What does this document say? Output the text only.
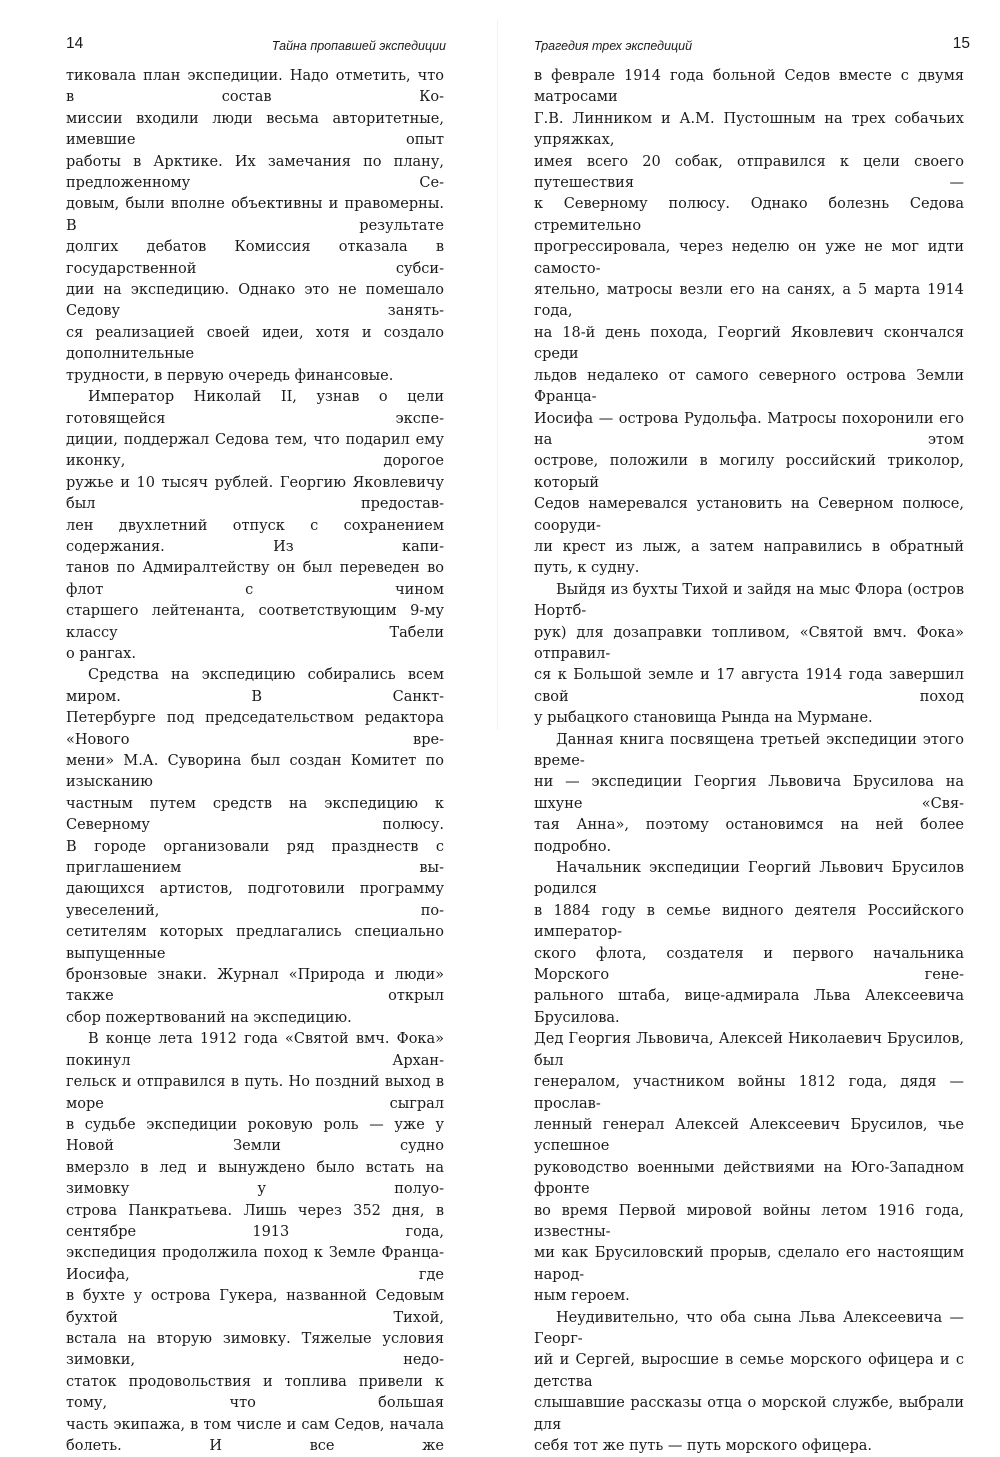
14	Тайна пропавшей экспедиции

тиковала план экспедиции. Надо отметить, что в состав Ко-

миссии входили люди весьма авторитетные, имевшие опыт

работы в Арктике. Их замечания по плану, предложенному Се-

довым, были вполне объективны и правомерны. В результате

долгих дебатов Комиссия отказала в государственной субси-

дии на экспедицию. Однако это не помешало Седову занять-

ся реализацией своей идеи, хотя и создало дополнительные

трудности, в первую очередь финансовые.

Император Николай II, узнав о цели готовящейся экспе-

диции, поддержал Седова тем, что подарил ему иконку, дорогое

ружье и 10 тысяч рублей. Георгию Яковлевичу был предостав-

лен двухлетний отпуск с сохранением содержания. Из капи-

танов по Адмиралтейству он был переведен во флот с чином

старшего лейтенанта, соответствующим 9-му классу Табели

о рангах.

Средства на экспедицию собирались всем миром. В Санкт-

Петербурге под председательством редактора «Нового вре-

мени» М.А. Суворина был создан Комитет по изысканию

частным путем средств на экспедицию к Северному полюсу.

В городе организовали ряд празднеств с приглашением вы-

дающихся артистов, подготовили программу увеселений, по-

сетителям которых предлагались специально выпущенные

бронзовые знаки. Журнал «Природа и люди» также открыл

сбор пожертвований на экспедицию.

В конце лета 1912 года «Святой вмч. Фока» покинул Архан-

гельск и отправился в путь. Но поздний выход в море сыграл

в судьбе экспедиции роковую роль — уже у Новой Земли судно

вмерзло в лед и вынуждено было встать на зимовку у полуо-

строва Панкратьева. Лишь через 352 дня, в сентябре 1913 года,

экспедиция продолжила поход к Земле Франца-Иосифа, где

в бухте у острова Гукера, названной Седовым бухтой Тихой,

встала на вторую зимовку. Тяжелые условия зимовки, недо-

статок продовольствия и топлива привели к тому, что большая

часть экипажа, в том числе и сам Седов, начала болеть. И все же

Трагедия трех экспедиций	15

в феврале 1914 года больной Седов вместе с двумя матросами

Г.В. Линником и А.М. Пустошным на трех собачьих упряжках,

имея всего 20 собак, отправился к цели своего путешествия —

к Северному полюсу. Однако болезнь Седова стремительно

прогрессировала, через неделю он уже не мог идти самосто-

ятельно, матросы везли его на санях, а 5 марта 1914 года,

на 18-й день похода, Георгий Яковлевич скончался среди

льдов недалеко от самого северного острова Земли Франца-

Иосифа — острова Рудольфа. Матросы похоронили его на этом

острове, положили в могилу российский триколор, который

Седов намеревался установить на Северном полюсе, сооруди-

ли крест из лыж, а затем направились в обратный путь, к судну.

Выйдя из бухты Тихой и зайдя на мыс Флора (остров Нортб-

рук) для дозаправки топливом, «Святой вмч. Фока» отправил-

ся к Большой земле и 17 августа 1914 года завершил свой поход

у рыбацкого становища Рында на Мурмане.

Данная книга посвящена третьей экспедиции этого време-

ни — экспедиции Георгия Львовича Брусилова на шхуне «Свя-

тая Анна», поэтому остановимся на ней более подробно.

Начальник экспедиции Георгий Львович Брусилов родился

в 1884 году в семье видного деятеля Российского император-

ского флота, создателя и первого начальника Морского гене-

рального штаба, вице-адмирала Льва Алексеевича Брусилова.

Дед Георгия Львовича, Алексей Николаевич Брусилов, был

генералом, участником войны 1812 года, дядя — прослав-

ленный генерал Алексей Алексеевич Брусилов, чье успешное

руководство военными действиями на Юго-Западном фронте

во время Первой мировой войны летом 1916 года, известны-

ми как Брусиловский прорыв, сделало его настоящим народ-

ным героем.

Неудивительно, что оба сына Льва Алексеевича — Георг-

ий и Сергей, выросшие в семье морского офицера и с детства

слышавшие рассказы отца о морской службе, выбрали для

себя тот же путь — путь морского офицера.
